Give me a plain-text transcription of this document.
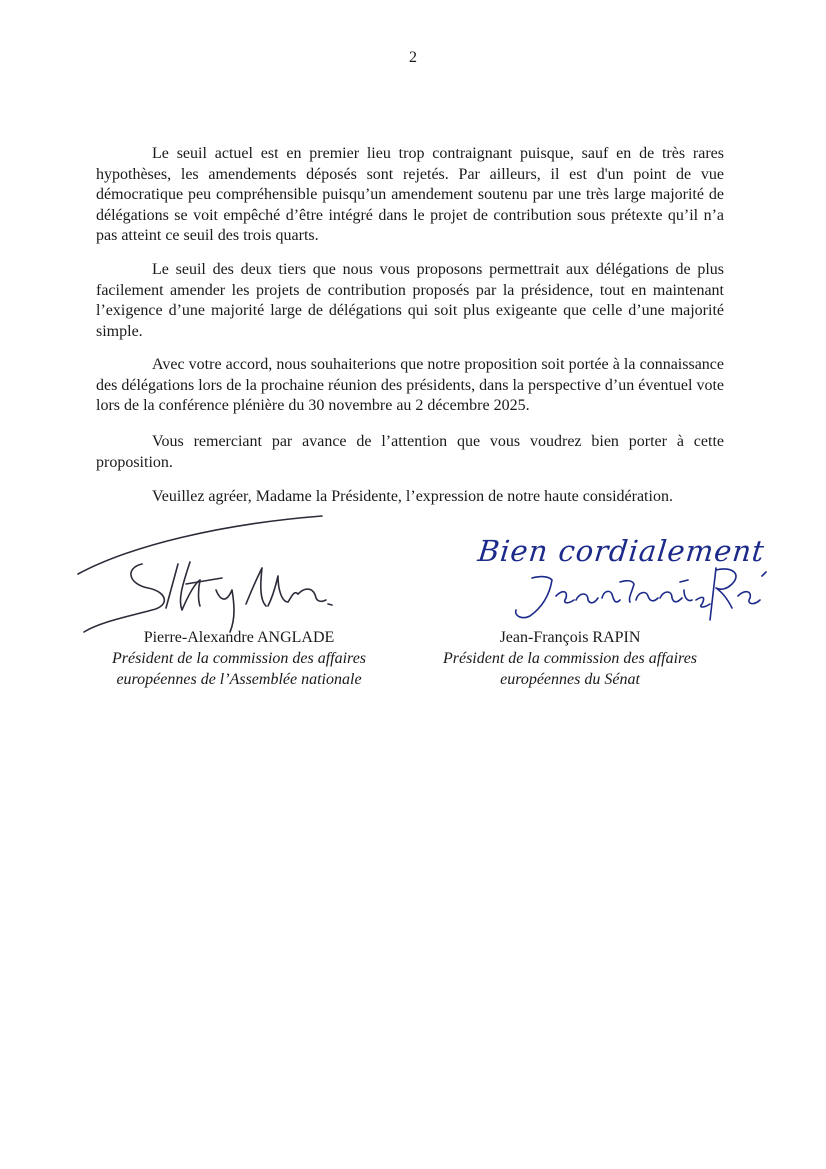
2

Le seuil actuel est en premier lieu trop contraignant puisque, sauf en de très rares hypothèses, les amendements déposés sont rejetés. Par ailleurs, il est d'un point de vue démocratique peu compréhensible puisqu’un amendement soutenu par une très large majorité de délégations se voit empêché d’être intégré dans le projet de contribution sous prétexte qu’il n’a pas atteint ce seuil des trois quarts.

Le seuil des deux tiers que nous vous proposons permettrait aux délégations de plus facilement amender les projets de contribution proposés par la présidence, tout en maintenant l’exigence d’une majorité large de délégations qui soit plus exigeante que celle d’une majorité simple.

Avec votre accord, nous souhaiterions que notre proposition soit portée à la connaissance des délégations lors de la prochaine réunion des présidents, dans la perspective d’un éventuel vote lors de la conférence plénière du 30 novembre au 2 décembre 2025.

Vous remerciant par avance de l’attention que vous voudrez bien porter à cette proposition.

Veuillez agréer, Madame la Présidente, l’expression de notre haute considération.

Bien cordialement
Pierre-Alexandre ANGLADE
Président de la commission des affaires
européennes de l’Assemblée nationale
Jean-François RAPIN
Président de la commission des affaires
européennes du Sénat
